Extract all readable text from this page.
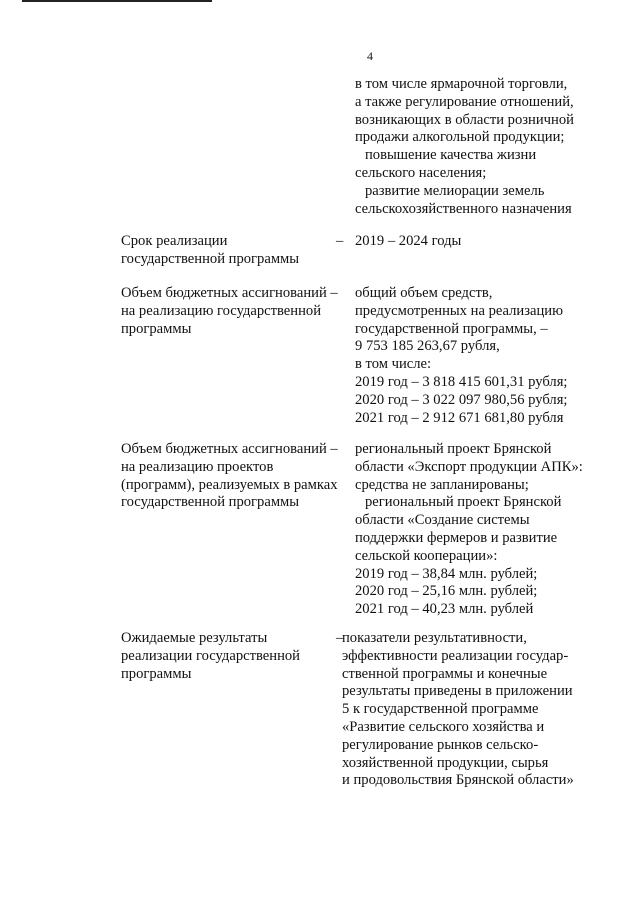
4
в том числе ярмарочной торговли,
а также регулирование отношений,
возникающих в области розничной
продажи алкогольной продукции;
повышение качества жизни
сельского населения;
развитие мелиорации земель
сельскохозяйственного назначения
Срок реализации
государственной программы
– 2019 – 2024 годы
Объем бюджетных ассигнований –
на реализацию государственной
программы
общий объем средств,
предусмотренных на реализацию
государственной программы, –
9 753 185 263,67 рубля,
в том числе:
2019 год – 3 818 415 601,31 рубля;
2020 год – 3 022 097 980,56 рубля;
2021 год – 2 912 671 681,80 рубля
Объем бюджетных ассигнований –
на реализацию проектов
(программ), реализуемых в рамках
государственной программы
региональный проект Брянской
области «Экспорт продукции АПК»:
средства не запланированы;
региональный проект Брянской
области «Создание системы
поддержки фермеров и развитие
сельской кооперации»:
2019 год – 38,84 млн. рублей;
2020 год – 25,16 млн. рублей;
2021 год – 40,23 млн. рублей
Ожидаемые результаты
реализации государственной
программы
–
показатели результативности,
эффективности реализации государ-
ственной программы и конечные
результаты приведены в приложении
5 к государственной программе
«Развитие сельского хозяйства и
регулирование рынков сельско-
хозяйственной продукции, сырья
и продовольствия Брянской области»
